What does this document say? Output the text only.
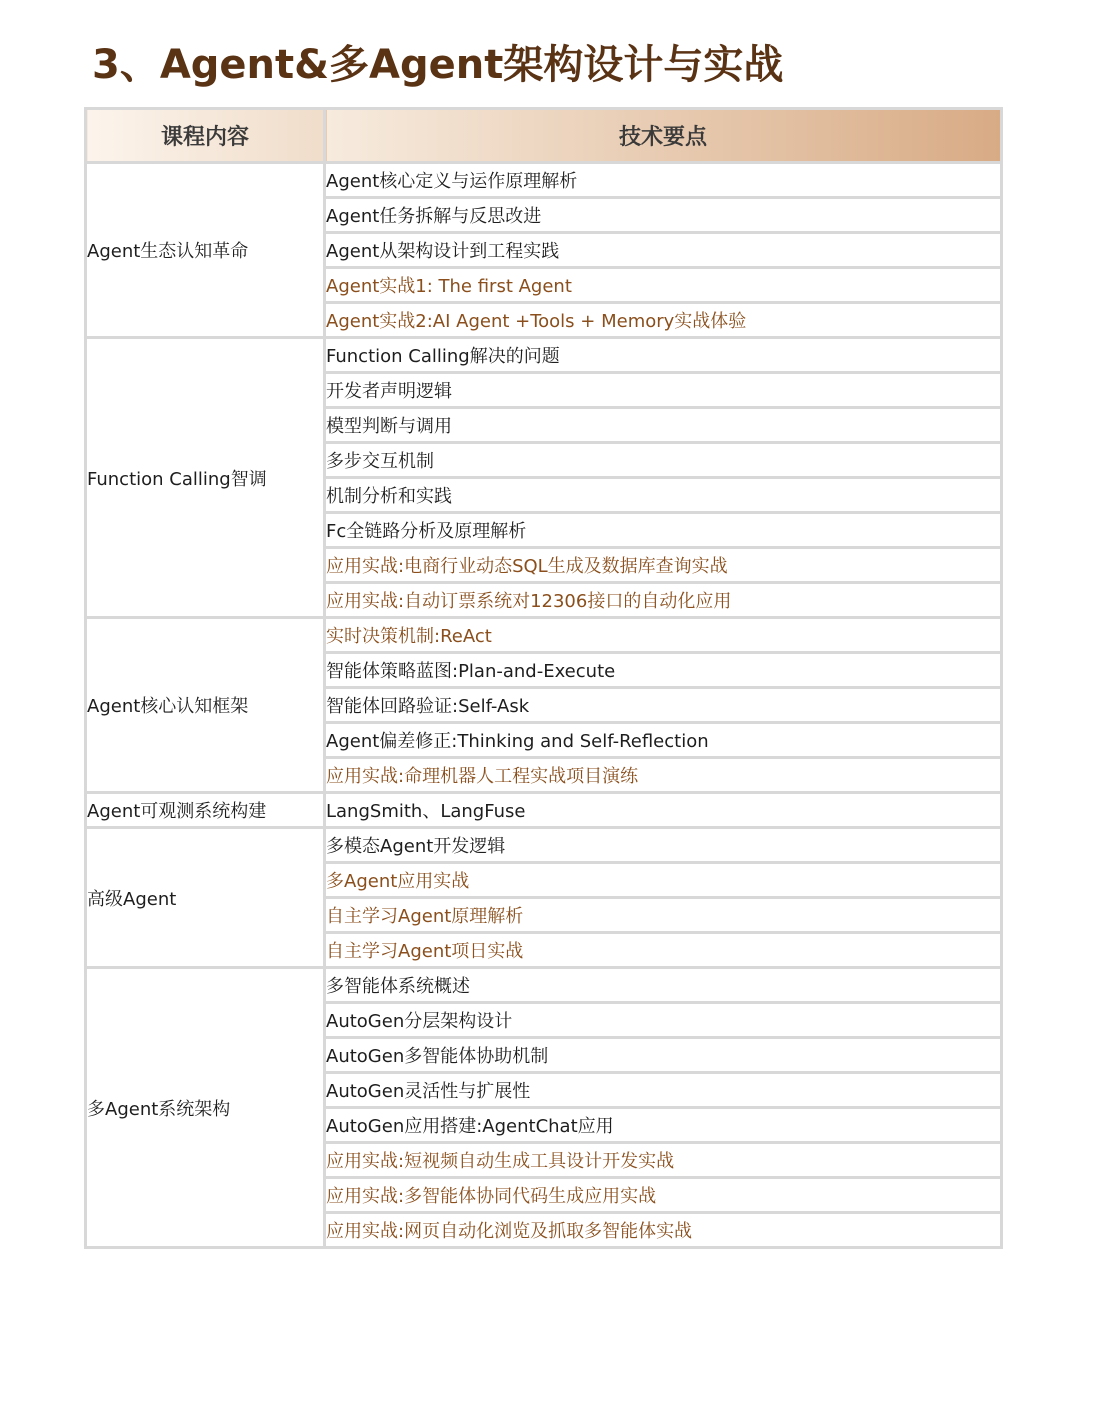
3、Agent&多Agent架构设计与实战
课程内容	技术要点
Agent生态认知革命	Agent核心定义与运作原理解析
	Agent任务拆解与反思改进
	Agent从架构设计到工程实践
	Agent实战1: The first Agent
	Agent实战2:AI Agent +Tools + Memory实战体验
Function Calling智调	Function Calling解决的问题
	开发者声明逻辑
	模型判断与调用
	多步交互机制
	机制分析和实践
	Fc全链路分析及原理解析
	应用实战:电商行业动态SQL生成及数据库查询实战
	应用实战:自动订票系统对12306接口的自动化应用
Agent核心认知框架	实时决策机制:ReAct
	智能体策略蓝图:Plan-and-Execute
	智能体回路验证:Self-Ask
	Agent偏差修正:Thinking and Self-Reflection
	应用实战:命理机器人工程实战项目演练
Agent可观测系统构建	LangSmith、LangFuse
高级Agent	多模态Agent开发逻辑
	多Agent应用实战
	自主学习Agent原理解析
	自主学习Agent项日实战
多Agent系统架构	多智能体系统概述
	AutoGen分层架构设计
	AutoGen多智能体协助机制
	AutoGen灵活性与扩展性
	AutoGen应用搭建:AgentChat应用
	应用实战:短视频自动生成工具设计开发实战
	应用实战:多智能体协同代码生成应用实战
	应用实战:网页自动化浏览及抓取多智能体实战
